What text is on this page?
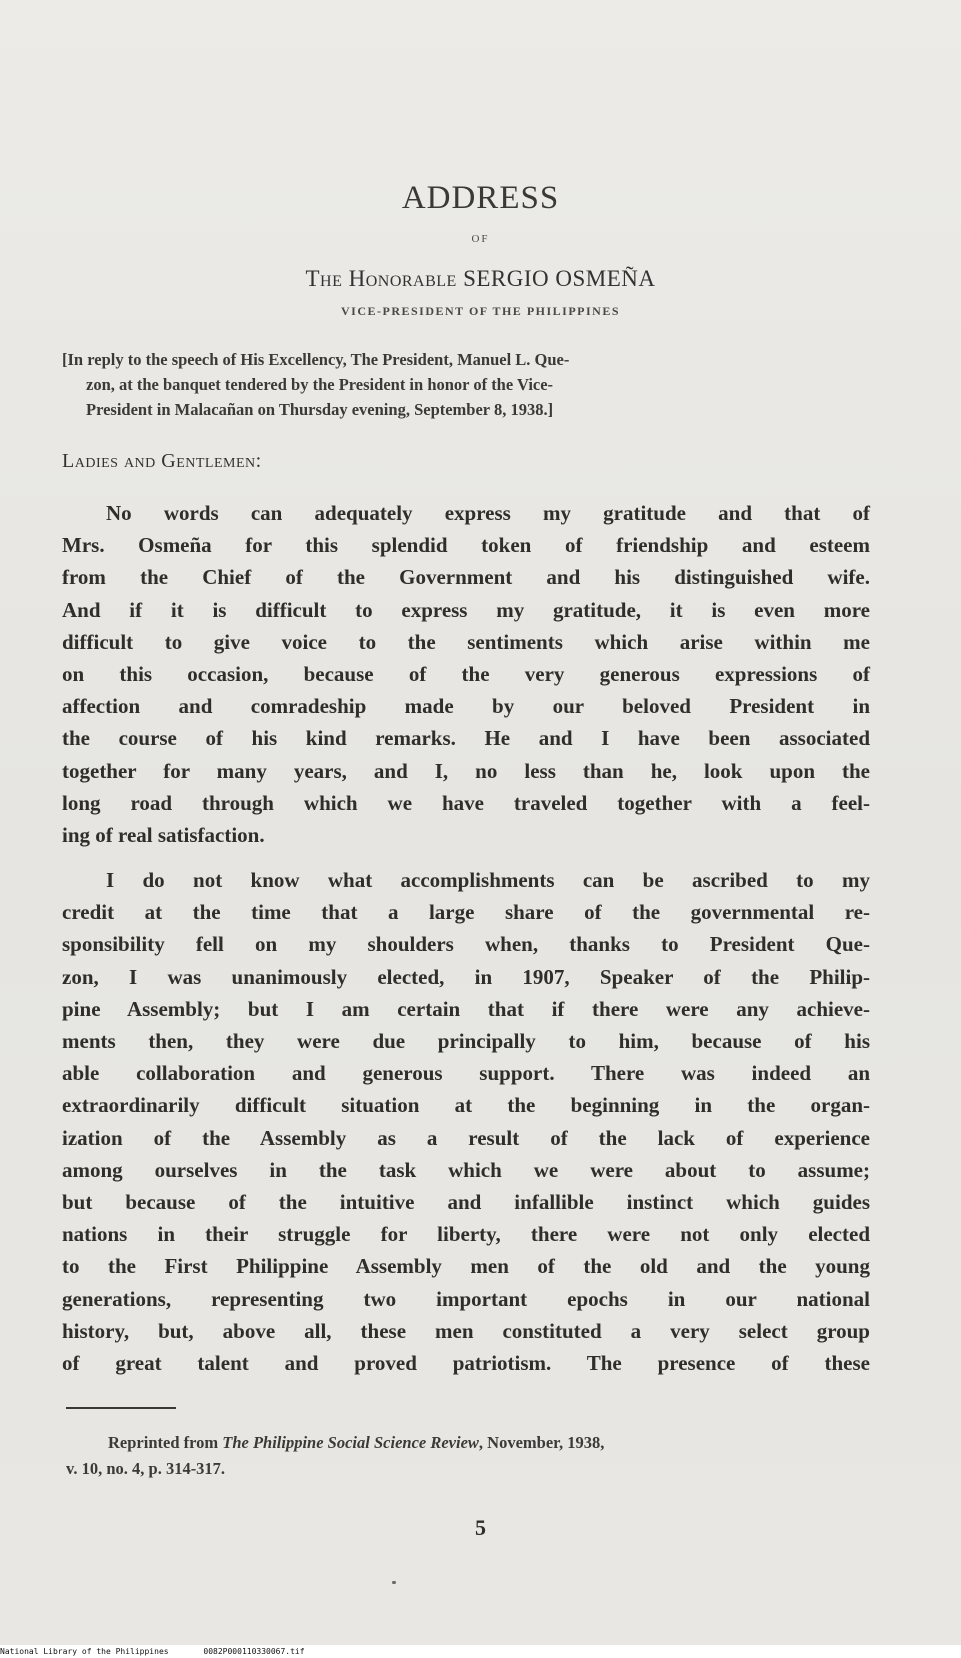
ADDRESS
OF
The Honorable SERGIO OSMEÑA
VICE-PRESIDENT OF THE PHILIPPINES
[In reply to the speech of His Excellency, The President, Manuel L. Que-
zon, at the banquet tendered by the President in honor of the Vice-
President in Malacañan on Thursday evening, September 8, 1938.]
Ladies and Gentlemen:
No words can adequately express my gratitude and that of
Mrs. Osmeña for this splendid token of friendship and esteem
from the Chief of the Government and his distinguished wife.
And if it is difficult to express my gratitude, it is even more
difficult to give voice to the sentiments which arise within me
on this occasion, because of the very generous expressions of
affection and comradeship made by our beloved President in
the course of his kind remarks. He and I have been associated
together for many years, and I, no less than he, look upon the
long road through which we have traveled together with a feel-
ing of real satisfaction.
I do not know what accomplishments can be ascribed to my
credit at the time that a large share of the governmental re-
sponsibility fell on my shoulders when, thanks to President Que-
zon, I was unanimously elected, in 1907, Speaker of the Philip-
pine Assembly; but I am certain that if there were any achieve-
ments then, they were due principally to him, because of his
able collaboration and generous support. There was indeed an
extraordinarily difficult situation at the beginning in the organ-
ization of the Assembly as a result of the lack of experience
among ourselves in the task which we were about to assume;
but because of the intuitive and infallible instinct which guides
nations in their struggle for liberty, there were not only elected
to the First Philippine Assembly men of the old and the young
generations, representing two important epochs in our national
history, but, above all, these men constituted a very select group
of great talent and proved patriotism. The presence of these
Reprinted from The Philippine Social Science Review, November, 1938,
v. 10, no. 4, p. 314-317.
5
National Library of the Philippines	0082P000110330067.tif
